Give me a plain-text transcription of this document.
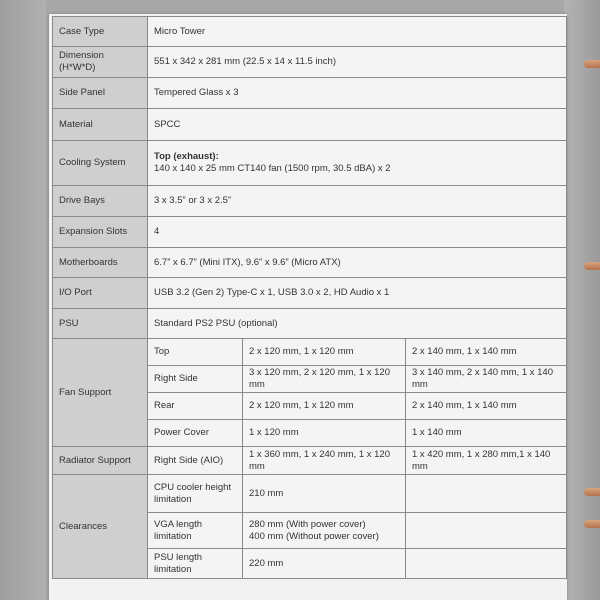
Case Type	Micro Tower		
Dimension (H*W*D)	551 x 342 x 281 mm (22.5 x 14 x 11.5 inch)		
Side Panel	Tempered Glass x 3		
Material	SPCC		
Cooling System	Top (exhaust):
140 x 140 x 25 mm CT140 fan (1500 rpm, 30.5 dBA) x 2		
Drive Bays	3 x 3.5” or 3 x 2.5”		
Expansion Slots	4		
Motherboards	6.7” x 6.7” (Mini ITX), 9.6” x 9.6” (Micro ATX)		
I/O Port	USB 3.2 (Gen 2) Type-C x 1, USB 3.0 x 2, HD Audio x 1		
PSU	Standard PS2 PSU (optional)		
Fan Support	Top	2 x 120 mm, 1 x 120 mm	2 x 140 mm, 1 x 140 mm
	Right Side	3 x 120 mm, 2 x 120 mm, 1 x 120 mm	3 x 140 mm, 2 x 140 mm, 1 x 140 mm
	Rear	2 x 120 mm, 1 x 120 mm	2 x 140 mm, 1 x 140 mm
	Power Cover	1 x 120 mm	1 x 140 mm
Radiator Support	Right Side (AIO)	1 x 360 mm, 1 x 240 mm, 1 x 120 mm	1 x 420 mm, 1 x 280 mm,1 x 140 mm
Clearances	CPU cooler height limitation	210 mm	

	VGA length limitation	280 mm (With power cover)
400 mm (Without power cover)	

	PSU length limitation	220 mm	
